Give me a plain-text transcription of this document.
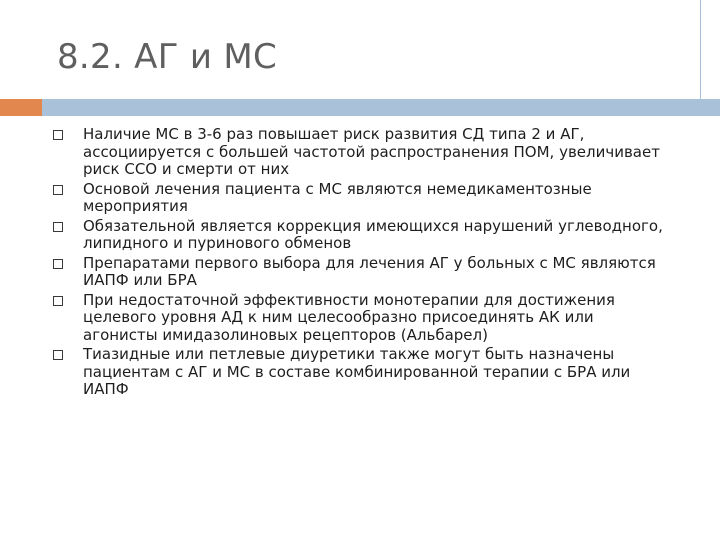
8.2. АГ и МС
Наличие МС в 3-6 раз повышает риск развития СД типа 2 и АГ, ассоциируется с большей частотой распространения ПОМ, увеличивает риск ССО и смерти от них
Основой лечения пациента с МС являются немедикаментозные мероприятия
Обязательной является коррекция имеющихся нарушений углеводного, липидного и пуринового обменов
Препаратами первого выбора для лечения АГ у больных с МС являются ИАПФ или БРА
При недостаточной эффективности монотерапии для достижения целевого уровня АД к ним целесообразно присоединять АК или агонисты имидазолиновых рецепторов (Альбарел)
Тиазидные или петлевые диуретики также могут быть назначены пациентам с АГ и МС в составе комбинированной терапии с БРА или ИАПФ
